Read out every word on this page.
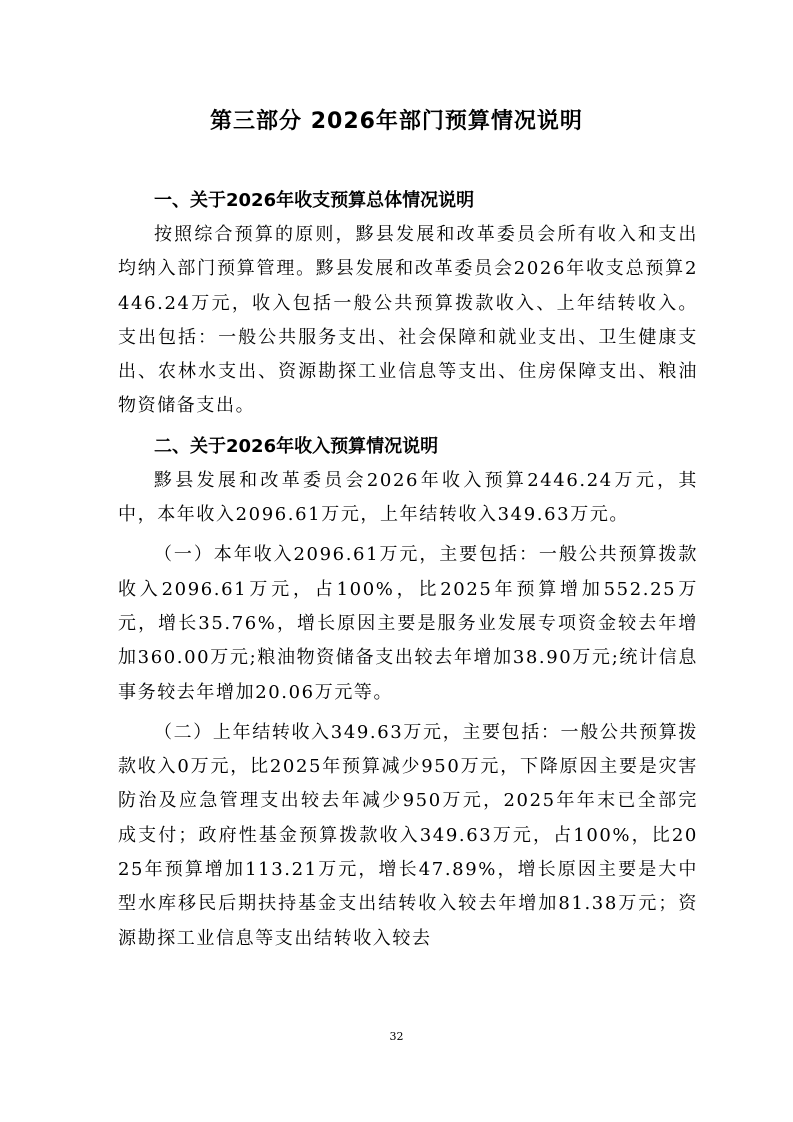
第三部分 2026年部门预算情况说明

一、关于2026年收支预算总体情况说明

按照综合预算的原则，黟县发展和改革委员会所有收入和支出均纳入部门预算管理。黟县发展和改革委员会2026年收支总预算2446.24万元，收入包括一般公共预算拨款收入、上年结转收入。支出包括：一般公共服务支出、社会保障和就业支出、卫生健康支出、农林水支出、资源勘探工业信息等支出、住房保障支出、粮油物资储备支出。

二、关于2026年收入预算情况说明

黟县发展和改革委员会2026年收入预算2446.24万元，其中，本年收入2096.61万元，上年结转收入349.63万元。

（一）本年收入2096.61万元，主要包括：一般公共预算拨款收入2096.61万元，占100%，比2025年预算增加552.25万元，增长35.76%，增长原因主要是服务业发展专项资金较去年增加360.00万元;粮油物资储备支出较去年增加38.90万元;统计信息事务较去年增加20.06万元等。

（二）上年结转收入349.63万元，主要包括：一般公共预算拨款收入0万元，比2025年预算减少950万元，下降原因主要是灾害防治及应急管理支出较去年减少950万元，2025年年末已全部完成支付；政府性基金预算拨款收入349.63万元，占100%，比2025年预算增加113.21万元，增长47.89%，增长原因主要是大中型水库移民后期扶持基金支出结转收入较去年增加81.38万元；资源勘探工业信息等支出结转收入较去

32
